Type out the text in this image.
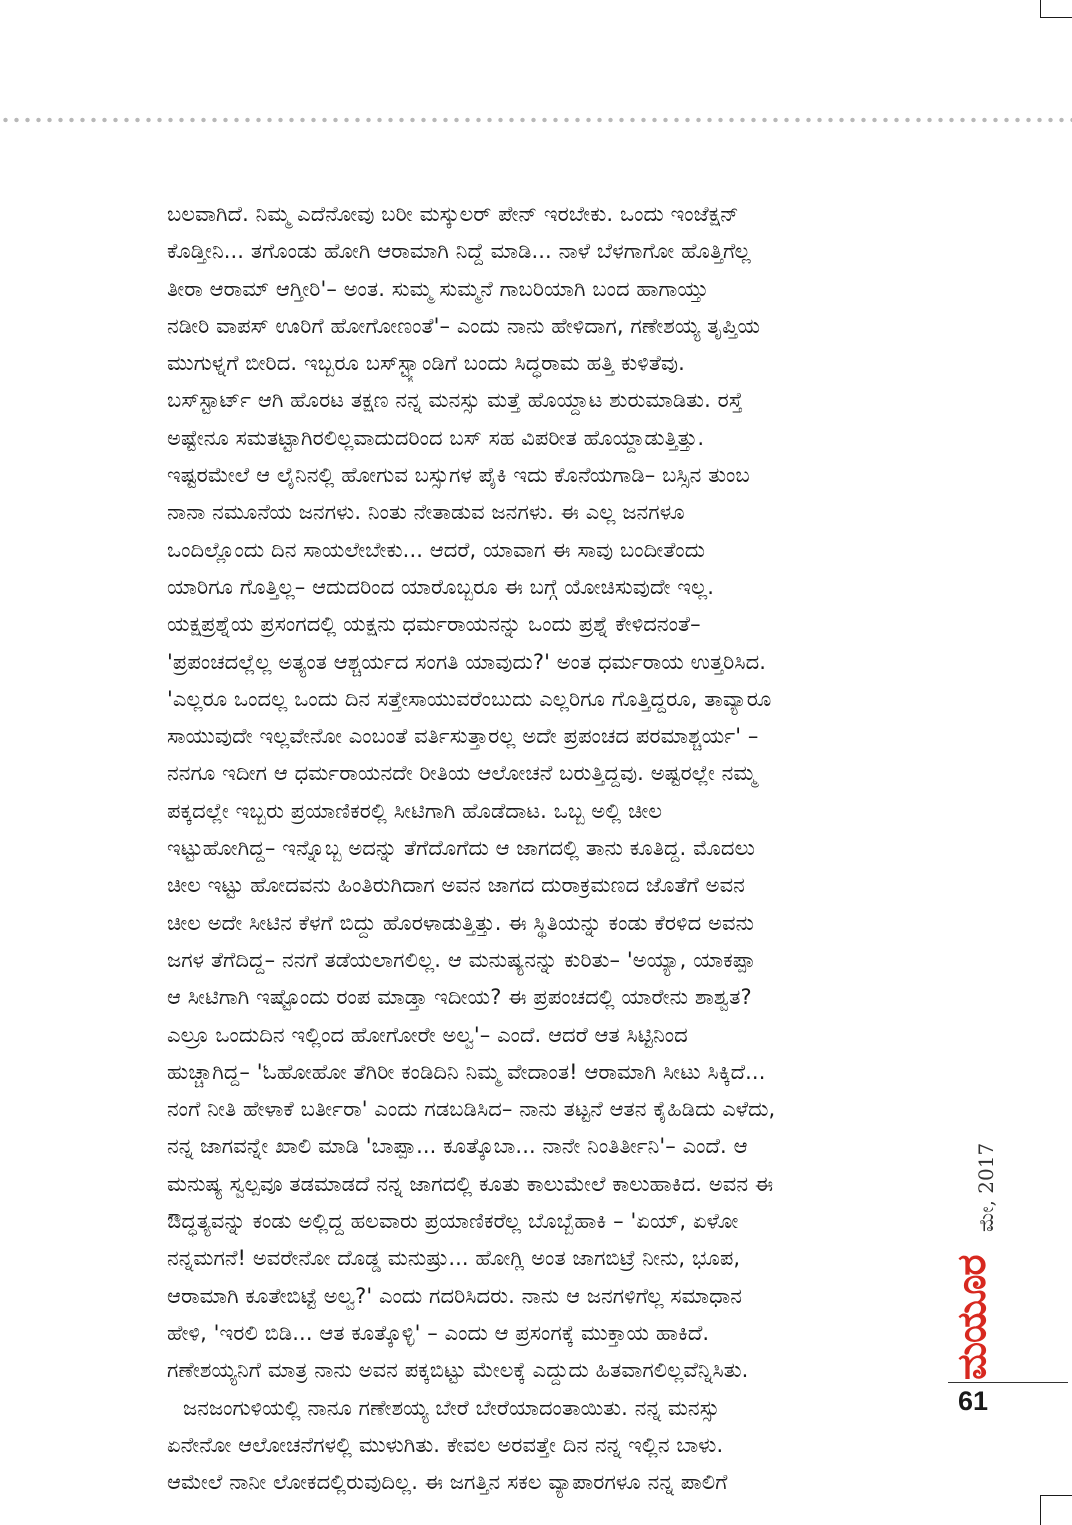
ಬಲವಾಗಿದೆ. ನಿಮ್ಮ ಎದೆನೋವು ಬರೀ ಮಸ್ಕುಲರ್ ಪೇನ್ ಇರಬೇಕು. ಒಂದು ಇಂಜೆಕ್ಷನ್
ಕೊಡ್ತೀನಿ... ತಗೊಂಡು ಹೋಗಿ ಆರಾಮಾಗಿ ನಿದ್ದೆ ಮಾಡಿ... ನಾಳೆ ಬೆಳಗಾಗೋ ಹೊತ್ತಿಗೆಲ್ಲ
ತೀರಾ ಆರಾಮ್ ಆಗ್ತೀರಿ'– ಅಂತ. ಸುಮ್ಮ ಸುಮ್ಮನೆ ಗಾಬರಿಯಾಗಿ ಬಂದ ಹಾಗಾಯ್ತು
ನಡೀರಿ ವಾಪಸ್ ಊರಿಗೆ ಹೋಗೋಣಂತೆ'– ಎಂದು ನಾನು ಹೇಳಿದಾಗ, ಗಣೇಶಯ್ಯ ತೃಪ್ತಿಯ
ಮುಗುಳ್ನಗೆ ಬೀರಿದ. ಇಬ್ಬರೂ ಬಸ್‌ಸ್ಟ್ಯಾಂಡಿಗೆ ಬಂದು ಸಿದ್ಧರಾಮ ಹತ್ತಿ ಕುಳಿತೆವು.
ಬಸ್‌ಸ್ಟಾರ್ಟ್ ಆಗಿ ಹೊರಟ ತಕ್ಷಣ ನನ್ನ ಮನಸ್ಸು ಮತ್ತೆ ಹೊಯ್ದಾಟ ಶುರುಮಾಡಿತು. ರಸ್ತೆ
ಅಷ್ಟೇನೂ ಸಮತಟ್ಟಾಗಿರಲಿಲ್ಲವಾದುದರಿಂದ ಬಸ್ ಸಹ ವಿಪರೀತ ಹೊಯ್ದಾಡುತ್ತಿತ್ತು.
ಇಷ್ಟರಮೇಲೆ ಆ ಲೈನಿನಲ್ಲಿ ಹೋಗುವ ಬಸ್ಸುಗಳ ಪೈಕಿ ಇದು ಕೊನೆಯಗಾಡಿ– ಬಸ್ಸಿನ ತುಂಬ
ನಾನಾ ನಮೂನೆಯ ಜನಗಳು. ನಿಂತು ನೇತಾಡುವ ಜನಗಳು. ಈ ಎಲ್ಲ ಜನಗಳೂ
ಒಂದಿಲ್ಲೊಂದು ದಿನ ಸಾಯಲೇಬೇಕು... ಆದರೆ, ಯಾವಾಗ ಈ ಸಾವು ಬಂದೀತೆಂದು
ಯಾರಿಗೂ ಗೊತ್ತಿಲ್ಲ– ಆದುದರಿಂದ ಯಾರೊಬ್ಬರೂ ಈ ಬಗ್ಗೆ ಯೋಚಿಸುವುದೇ ಇಲ್ಲ.
ಯಕ್ಷಪ್ರಶ್ನೆಯ ಪ್ರಸಂಗದಲ್ಲಿ ಯಕ್ಷನು ಧರ್ಮರಾಯನನ್ನು ಒಂದು ಪ್ರಶ್ನೆ ಕೇಳಿದನಂತೆ–
'ಪ್ರಪಂಚದಲ್ಲೆಲ್ಲ ಅತ್ಯಂತ ಆಶ್ಚರ್ಯದ ಸಂಗತಿ ಯಾವುದು?' ಅಂತ ಧರ್ಮರಾಯ ಉತ್ತರಿಸಿದ.
'ಎಲ್ಲರೂ ಒಂದಲ್ಲ ಒಂದು ದಿನ ಸತ್ತೇಸಾಯುವರೆಂಬುದು ಎಲ್ಲರಿಗೂ ಗೊತ್ತಿದ್ದರೂ, ತಾವ್ಯಾರೂ
ಸಾಯುವುದೇ ಇಲ್ಲವೇನೋ ಎಂಬಂತೆ ವರ್ತಿಸುತ್ತಾರಲ್ಲ ಅದೇ ಪ್ರಪಂಚದ ಪರಮಾಶ್ಚರ್ಯ' –
ನನಗೂ ಇದೀಗ ಆ ಧರ್ಮರಾಯನದೇ ರೀತಿಯ ಆಲೋಚನೆ ಬರುತ್ತಿದ್ದವು. ಅಷ್ಟರಲ್ಲೇ ನಮ್ಮ
ಪಕ್ಕದಲ್ಲೇ ಇಬ್ಬರು ಪ್ರಯಾಣಿಕರಲ್ಲಿ ಸೀಟಿಗಾಗಿ ಹೊಡೆದಾಟ. ಒಬ್ಬ ಅಲ್ಲಿ ಚೀಲ
ಇಟ್ಟುಹೋಗಿದ್ದ– ಇನ್ನೊಬ್ಬ ಅದನ್ನು ತೆಗೆದೊಗೆದು ಆ ಜಾಗದಲ್ಲಿ ತಾನು ಕೂತಿದ್ದ. ಮೊದಲು
ಚೀಲ ಇಟ್ಟು ಹೋದವನು ಹಿಂತಿರುಗಿದಾಗ ಅವನ ಜಾಗದ ದುರಾಕ್ರಮಣದ ಜೊತೆಗೆ ಅವನ
ಚೀಲ ಅದೇ ಸೀಟಿನ ಕೆಳಗೆ ಬಿದ್ದು ಹೊರಳಾಡುತ್ತಿತ್ತು. ಈ ಸ್ಥಿತಿಯನ್ನು ಕಂಡು ಕೆರಳಿದ ಅವನು
ಜಗಳ ತೆಗೆದಿದ್ದ– ನನಗೆ ತಡೆಯಲಾಗಲಿಲ್ಲ. ಆ ಮನುಷ್ಯನನ್ನು ಕುರಿತು– 'ಅಯ್ಯಾ, ಯಾಕಪ್ಪಾ
ಆ ಸೀಟಿಗಾಗಿ ಇಷ್ಟೊಂದು ರಂಪ ಮಾಡ್ತಾ ಇದೀಯ? ಈ ಪ್ರಪಂಚದಲ್ಲಿ ಯಾರೇನು ಶಾಶ್ವತ?
ಎಲ್ರೂ ಒಂದುದಿನ ಇಲ್ಲಿಂದ ಹೋಗೋರೇ ಅಲ್ವ'– ಎಂದೆ. ಆದರೆ ಆತ ಸಿಟ್ಟಿನಿಂದ
ಹುಚ್ಚಾಗಿದ್ದ– 'ಓಹೋಹೋ ತೆಗಿರೀ ಕಂಡಿದಿನಿ ನಿಮ್ಮ ವೇದಾಂತ! ಆರಾಮಾಗಿ ಸೀಟು ಸಿಕ್ಕಿದೆ...
ನಂಗೆ ನೀತಿ ಹೇಳಾಕೆ ಬರ್ತೀರಾ' ಎಂದು ಗಡಬಡಿಸಿದ– ನಾನು ತಟ್ಟನೆ ಆತನ ಕೈಹಿಡಿದು ಎಳೆದು,
ನನ್ನ ಜಾಗವನ್ನೇ ಖಾಲಿ ಮಾಡಿ 'ಬಾಪ್ಪಾ... ಕೂತ್ಕೊಬಾ... ನಾನೇ ನಿಂತಿರ್ತೀನಿ'– ಎಂದೆ. ಆ
ಮನುಷ್ಯ ಸ್ವಲ್ಪವೂ ತಡಮಾಡದೆ ನನ್ನ ಜಾಗದಲ್ಲಿ ಕೂತು ಕಾಲುಮೇಲೆ ಕಾಲುಹಾಕಿದ. ಅವನ ಈ
ಔದ್ಧತ್ಯವನ್ನು ಕಂಡು ಅಲ್ಲಿದ್ದ ಹಲವಾರು ಪ್ರಯಾಣಿಕರೆಲ್ಲ ಬೊಬ್ಬೆಹಾಕಿ – 'ಏಯ್, ಏಳೋ
ನನ್ನಮಗನೆ! ಅವರೇನೋ ದೊಡ್ಡ ಮನುಷ್ರು... ಹೋಗ್ಲಿ ಅಂತ ಜಾಗಬಿಟ್ರೆ ನೀನು, ಭೂಪ,
ಆರಾಮಾಗಿ ಕೂತೇಬಿಟ್ಟೆ ಅಲ್ವ?' ಎಂದು ಗದರಿಸಿದರು. ನಾನು ಆ ಜನಗಳಿಗೆಲ್ಲ ಸಮಾಧಾನ
ಹೇಳಿ, 'ಇರಲಿ ಬಿಡಿ... ಆತ ಕೂತ್ಕೊಳ್ಳಿ' – ಎಂದು ಆ ಪ್ರಸಂಗಕ್ಕೆ ಮುಕ್ತಾಯ ಹಾಕಿದೆ.
ಗಣೇಶಯ್ಯನಿಗೆ ಮಾತ್ರ ನಾನು ಅವನ ಪಕ್ಕಬಿಟ್ಟು ಮೇಲಕ್ಕೆ ಎದ್ದುದು ಹಿತವಾಗಲಿಲ್ಲವೆನ್ನಿಸಿತು.
ಜನಜಂಗುಳಿಯಲ್ಲಿ ನಾನೂ ಗಣೇಶಯ್ಯ ಬೇರೆ ಬೇರೆಯಾದಂತಾಯಿತು. ನನ್ನ ಮನಸ್ಸು
ಏನೇನೋ ಆಲೋಚನೆಗಳಲ್ಲಿ ಮುಳುಗಿತು. ಕೇವಲ ಅರವತ್ತೇ ದಿನ ನನ್ನ ಇಲ್ಲಿನ ಬಾಳು.
ಆಮೇಲೆ ನಾನೀ ಲೋಕದಲ್ಲಿರುವುದಿಲ್ಲ. ಈ ಜಗತ್ತಿನ ಸಕಲ ವ್ಯಾಪಾರಗಳೂ ನನ್ನ ಪಾಲಿಗೆ
ಮೇ, 2017
ಮಯೂರ
61
